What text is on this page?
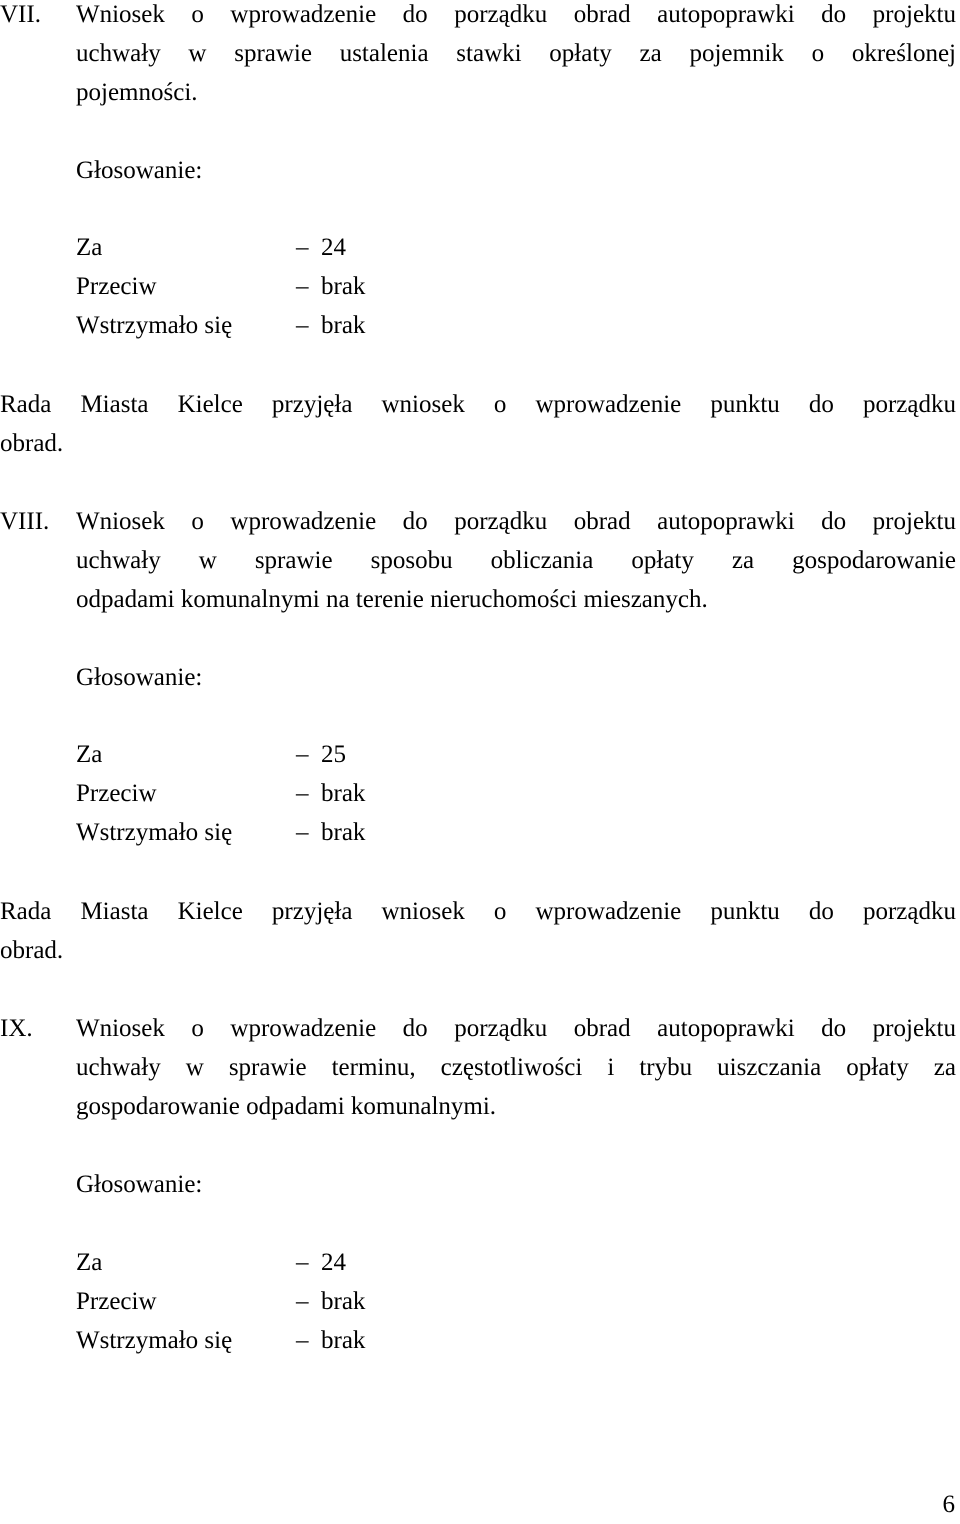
VII. Wniosek o wprowadzenie do porządku obrad autopoprawki do projektu
uchwały w sprawie ustalenia stawki opłaty za pojemnik o określonej
pojemności.
Głosowanie:
Za	– 24
Przeciw	– brak
Wstrzymało się	– brak
Rada Miasta Kielce przyjęła wniosek o wprowadzenie punktu do porządku
obrad.
VIII. Wniosek o wprowadzenie do porządku obrad autopoprawki do projektu
uchwały w sprawie sposobu obliczania opłaty za gospodarowanie
odpadami komunalnymi na terenie nieruchomości mieszanych.
Głosowanie:
Za	– 25
Przeciw	– brak
Wstrzymało się	– brak
Rada Miasta Kielce przyjęła wniosek o wprowadzenie punktu do porządku
obrad.
IX. Wniosek o wprowadzenie do porządku obrad autopoprawki do projektu
uchwały w sprawie terminu, częstotliwości i trybu uiszczania opłaty za
gospodarowanie odpadami komunalnymi.
Głosowanie:
Za	– 24
Przeciw	– brak
Wstrzymało się	– brak
6
